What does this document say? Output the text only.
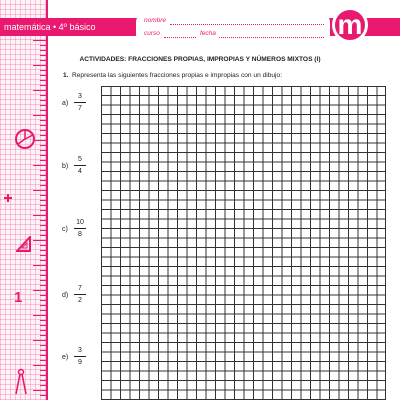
1
matemática • 4º básico
nombre
curso	fecha	m
ACTIVIDADES: FRACCIONES PROPIAS, IMPROPIAS Y NÚMEROS MIXTOS (I)
1. Representa las siguientes fracciones propias e impropias con un dibujo:
a)
3
7
b)
5
4
c)
10
8
d)
7
2
e)
3
9
